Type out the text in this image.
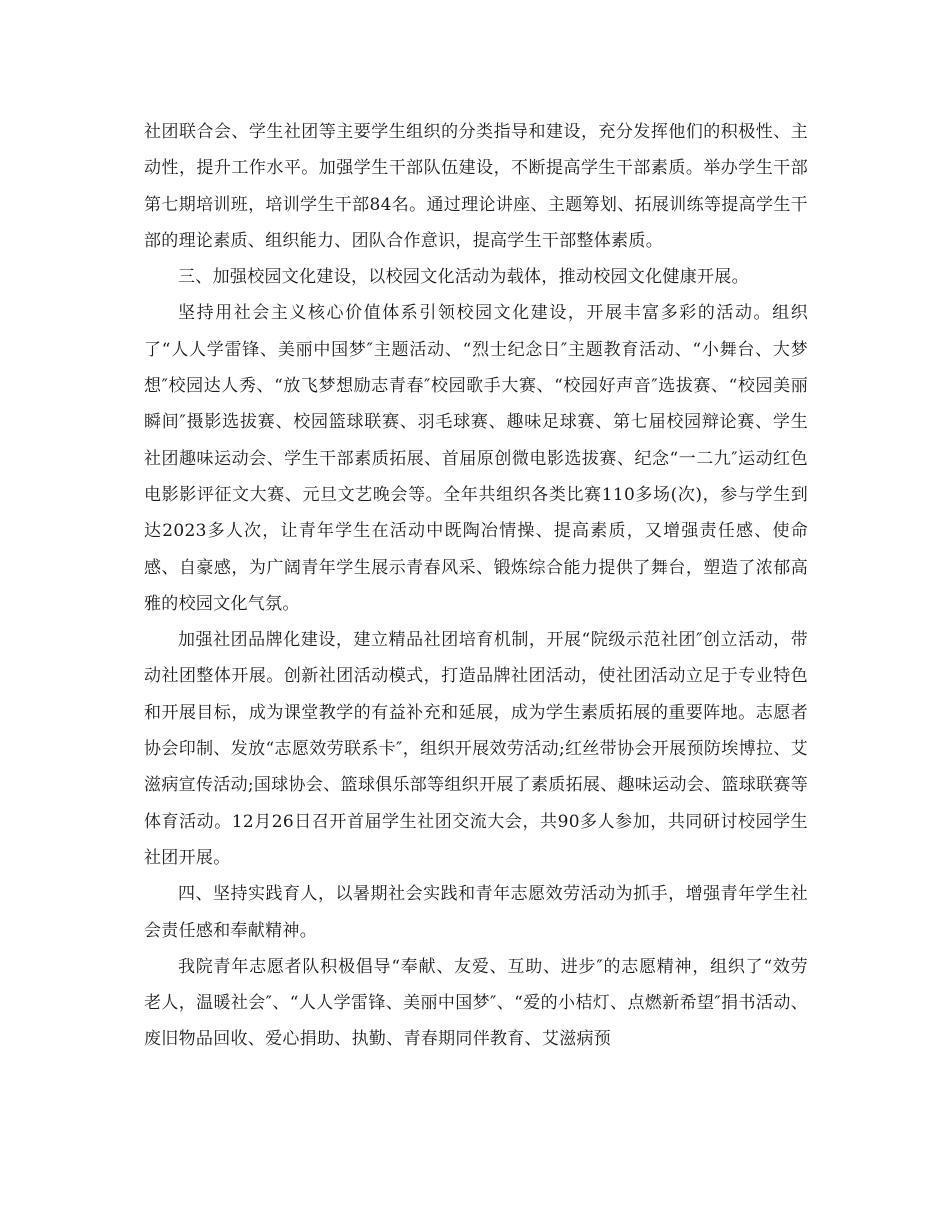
社团联合会、学生社团等主要学生组织的分类指导和建设，充分发挥他们的积极性、主动性，提升工作水平。加强学生干部队伍建设，不断提高学生干部素质。举办学生干部第七期培训班，培训学生干部84名。通过理论讲座、主题筹划、拓展训练等提高学生干部的理论素质、组织能力、团队合作意识，提高学生干部整体素质。

三、加强校园文化建设，以校园文化活动为载体，推动校园文化健康开展。

坚持用社会主义核心价值体系引领校园文化建设，开展丰富多彩的活动。组织了“人人学雷锋、美丽中国梦″主题活动、“烈士纪念日″主题教育活动、“小舞台、大梦想″校园达人秀、“放飞梦想励志青春″校园歌手大赛、“校园好声音″选拔赛、“校园美丽瞬间″摄影选拔赛、校园篮球联赛、羽毛球赛、趣味足球赛、第七届校园辩论赛、学生社团趣味运动会、学生干部素质拓展、首届原创微电影选拔赛、纪念“一二九″运动红色电影影评征文大赛、元旦文艺晚会等。全年共组织各类比赛110多场(次)，参与学生到达2023多人次，让青年学生在活动中既陶冶情操、提高素质，又增强责任感、使命感、自豪感，为广阔青年学生展示青春风采、锻炼综合能力提供了舞台，塑造了浓郁高雅的校园文化气氛。

加强社团品牌化建设，建立精品社团培育机制，开展“院级示范社团″创立活动，带动社团整体开展。创新社团活动模式，打造品牌社团活动，使社团活动立足于专业特色和开展目标，成为课堂教学的有益补充和延展，成为学生素质拓展的重要阵地。志愿者协会印制、发放“志愿效劳联系卡″，组织开展效劳活动;红丝带协会开展预防埃博拉、艾滋病宣传活动;国球协会、篮球俱乐部等组织开展了素质拓展、趣味运动会、篮球联赛等体育活动。12月26日召开首届学生社团交流大会，共90多人参加，共同研讨校园学生社团开展。

四、坚持实践育人，以暑期社会实践和青年志愿效劳活动为抓手，增强青年学生社会责任感和奉献精神。

我院青年志愿者队积极倡导“奉献、友爱、互助、进步″的志愿精神，组织了“效劳老人，温暖社会″、“人人学雷锋、美丽中国梦″、“爱的小桔灯、点燃新希望″捐书活动、废旧物品回收、爱心捐助、执勤、青春期同伴教育、艾滋病预
